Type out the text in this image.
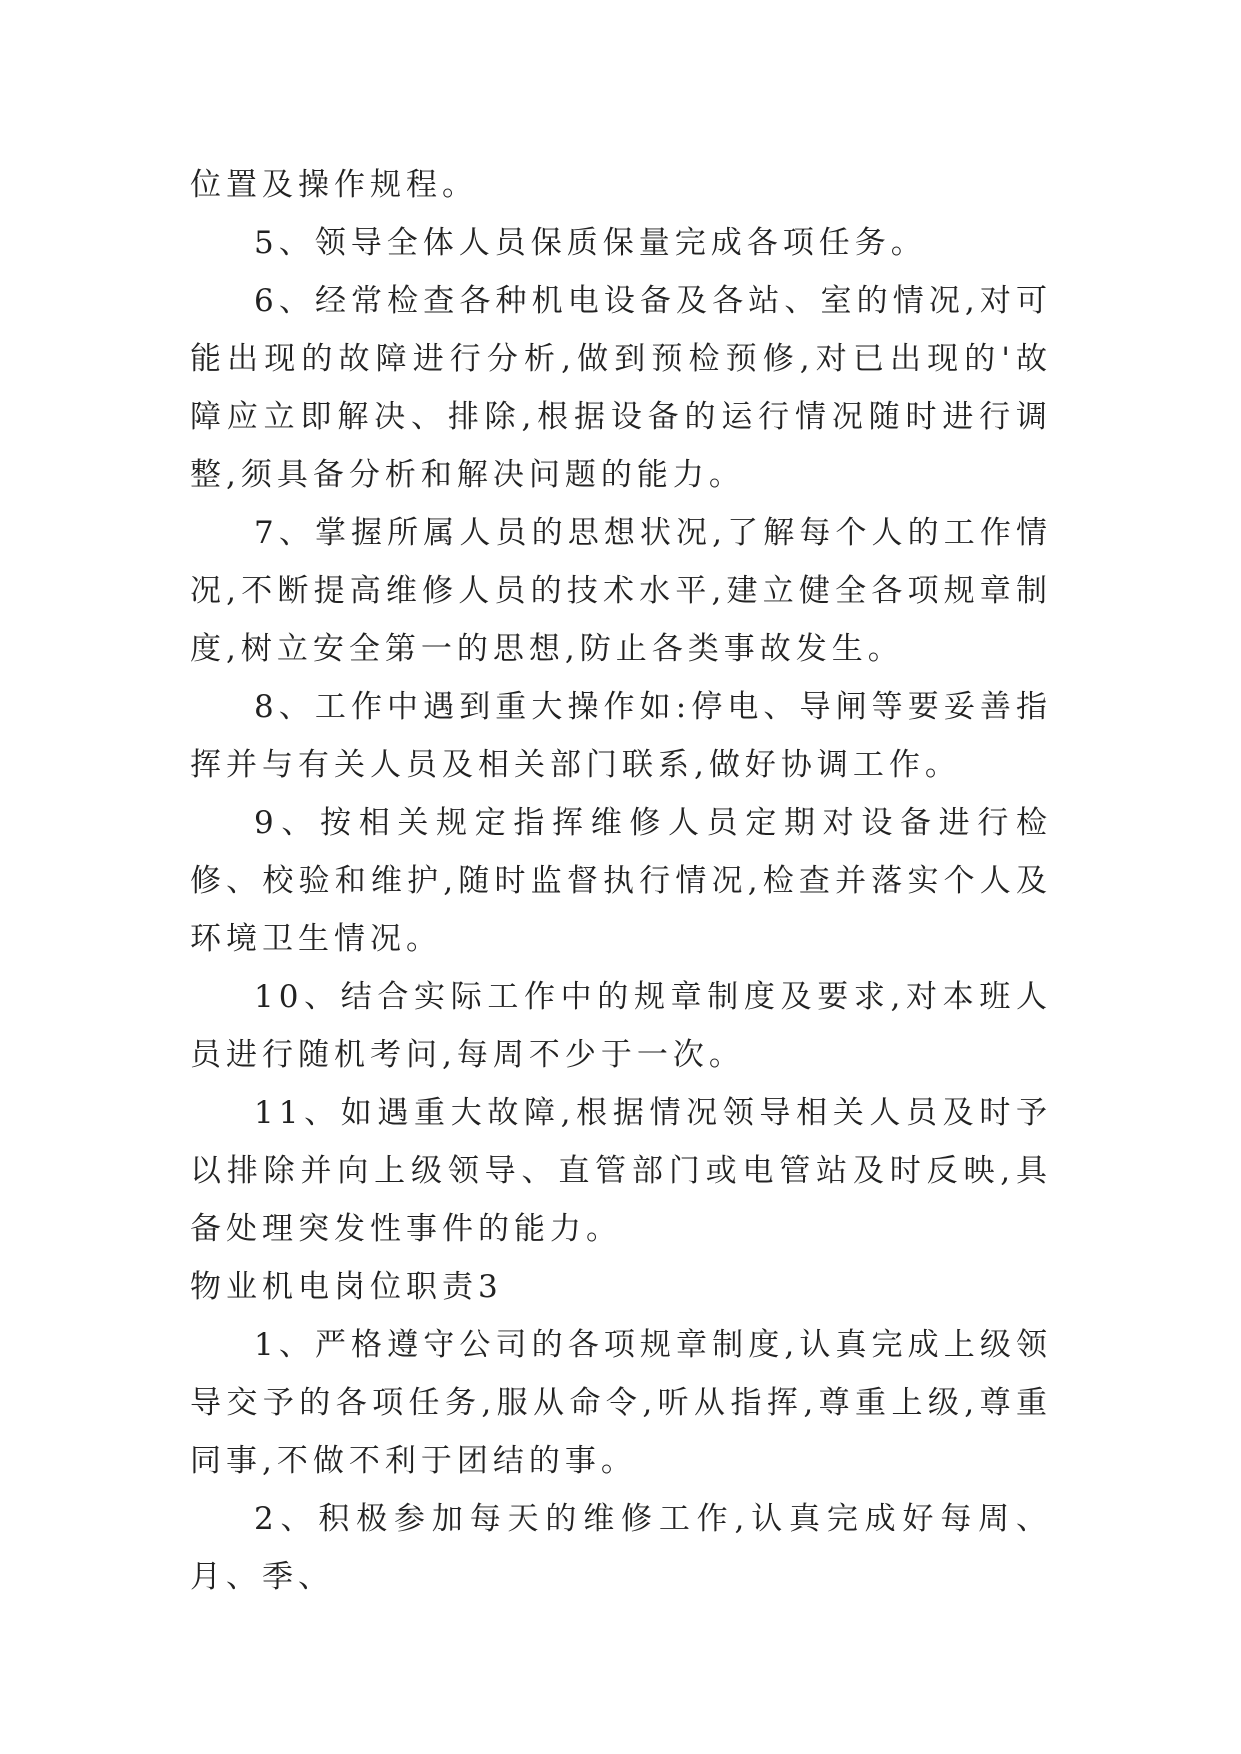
位置及操作规程。

5、领导全体人员保质保量完成各项任务。

6、经常检查各种机电设备及各站、室的情况,对可能出现的故障进行分析,做到预检预修,对已出现的'故障应立即解决、排除,根据设备的运行情况随时进行调整,须具备分析和解决问题的能力。

7、掌握所属人员的思想状况,了解每个人的工作情况,不断提高维修人员的技术水平,建立健全各项规章制度,树立安全第一的思想,防止各类事故发生。

8、工作中遇到重大操作如:停电、导闸等要妥善指挥并与有关人员及相关部门联系,做好协调工作。

9、按相关规定指挥维修人员定期对设备进行检修、校验和维护,随时监督执行情况,检查并落实个人及环境卫生情况。

10、结合实际工作中的规章制度及要求,对本班人员进行随机考问,每周不少于一次。

11、如遇重大故障,根据情况领导相关人员及时予以排除并向上级领导、直管部门或电管站及时反映,具备处理突发性事件的能力。

物业机电岗位职责3

1、严格遵守公司的各项规章制度,认真完成上级领导交予的各项任务,服从命令,听从指挥,尊重上级,尊重同事,不做不利于团结的事。

2、积极参加每天的维修工作,认真完成好每周、月、季、
